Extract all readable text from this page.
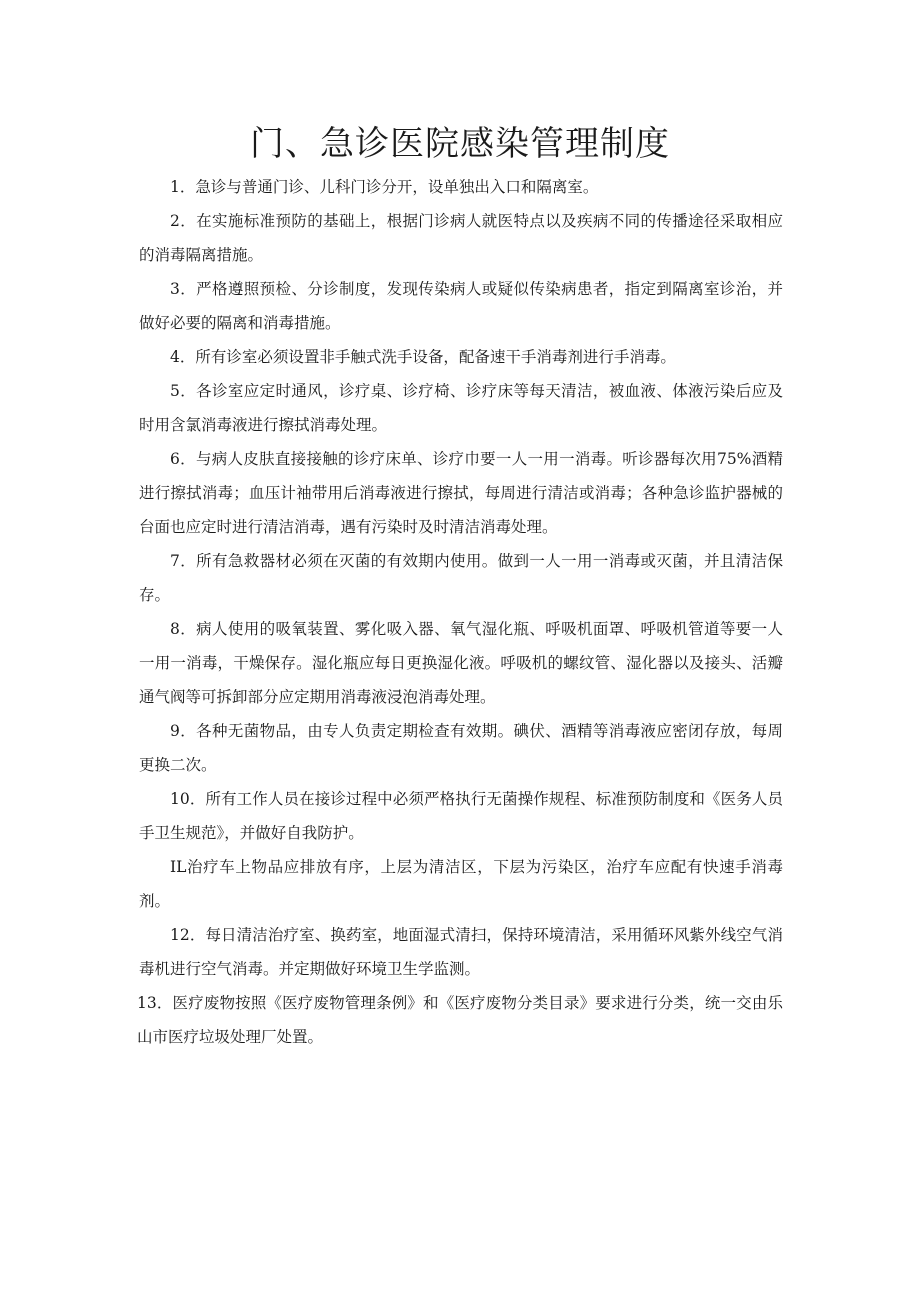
门、急诊医院感染管理制度

1．急诊与普通门诊、儿科门诊分开，设单独出入口和隔离室。

2．在实施标准预防的基础上，根据门诊病人就医特点以及疾病不同的传播途径采取相应的消毒隔离措施。

3．严格遵照预检、分诊制度，发现传染病人或疑似传染病患者，指定到隔离室诊治，并做好必要的隔离和消毒措施。

4．所有诊室必须设置非手触式洗手设备，配备速干手消毒剂进行手消毒。

5．各诊室应定时通风，诊疗桌、诊疗椅、诊疗床等每天清洁，被血液、体液污染后应及时用含氯消毒液进行擦拭消毒处理。

6．与病人皮肤直接接触的诊疗床单、诊疗巾要一人一用一消毒。听诊器每次用75%酒精进行擦拭消毒；血压计袖带用后消毒液进行擦拭，每周进行清洁或消毒；各种急诊监护器械的台面也应定时进行清洁消毒，遇有污染时及时清洁消毒处理。

7．所有急救器材必须在灭菌的有效期内使用。做到一人一用一消毒或灭菌，并且清洁保存。

8．病人使用的吸氧装置、雾化吸入器、氧气湿化瓶、呼吸机面罩、呼吸机管道等要一人一用一消毒，干燥保存。湿化瓶应每日更换湿化液。呼吸机的螺纹管、湿化器以及接头、活瓣通气阀等可拆卸部分应定期用消毒液浸泡消毒处理。

9．各种无菌物品，由专人负责定期检查有效期。碘伏、酒精等消毒液应密闭存放，每周更换二次。

10．所有工作人员在接诊过程中必须严格执行无菌操作规程、标准预防制度和《医务人员手卫生规范》，并做好自我防护。

IL治疗车上物品应排放有序，上层为清洁区，下层为污染区，治疗车应配有快速手消毒剂。

12．每日清洁治疗室、换药室，地面湿式清扫，保持环境清洁，采用循环风紫外线空气消毒机进行空气消毒。并定期做好环境卫生学监测。

13．医疗废物按照《医疗废物管理条例》和《医疗废物分类目录》要求进行分类，统一交由乐山市医疗垃圾处理厂处置。
